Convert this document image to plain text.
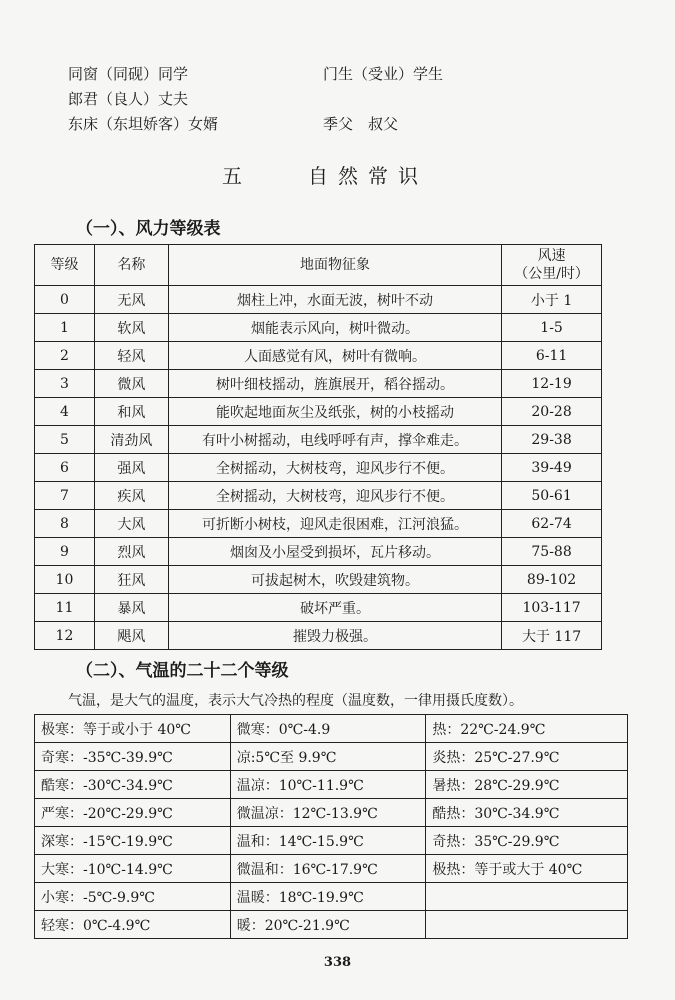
同窗（同砚）同学	门生（受业）学生
郎君（良人）丈夫
东床（东坦娇客）女婿	季父　叔父
五	自然常识
（一）、风力等级表
等级	名称	地面物征象	风速
（公里/时）

0	无风	烟柱上冲，水面无波，树叶不动	小于 1
1	软风	烟能表示风向，树叶微动。	1-5
2	轻风	人面感觉有风，树叶有微响。	6-11
3	微风	树叶细枝摇动，旌旗展开，稻谷摇动。	12-19
4	和风	能吹起地面灰尘及纸张，树的小枝摇动	20-28
5	清劲风	有叶小树摇动，电线呼呼有声，撑伞难走。	29-38
6	强风	全树摇动，大树枝弯，迎风步行不便。	39-49
7	疾风	全树摇动，大树枝弯，迎风步行不便。	50-61
8	大风	可折断小树枝，迎风走很困难，江河浪猛。	62-74
9	烈风	烟囱及小屋受到损坏，瓦片移动。	75-88
10	狂风	可拔起树木，吹毁建筑物。	89-102
11	暴风	破坏严重。	103-117
12	飓风	摧毁力极强。	大于 117
（二）、气温的二十二个等级
气温，是大气的温度，表示大气冷热的程度（温度数，一律用摄氏度数）。
极寒：等于或小于 40℃	微寒：0℃-4.9	热：22℃-24.9℃
奇寒：-35℃-39.9℃	凉:5℃至 9.9℃	炎热：25℃-27.9℃
酷寒：-30℃-34.9℃	温凉：10℃-11.9℃	暑热：28℃-29.9℃
严寒：-20℃-29.9℃	微温凉：12℃-13.9℃	酷热：30℃-34.9℃
深寒：-15℃-19.9℃	温和：14℃-15.9℃	奇热：35℃-29.9℃
大寒：-10℃-14.9℃	微温和：16℃-17.9℃	极热：等于或大于 40℃
小寒：-5℃-9.9℃	温暖：18℃-19.9℃	
轻寒：0℃-4.9℃	暖：20℃-21.9℃	
338
